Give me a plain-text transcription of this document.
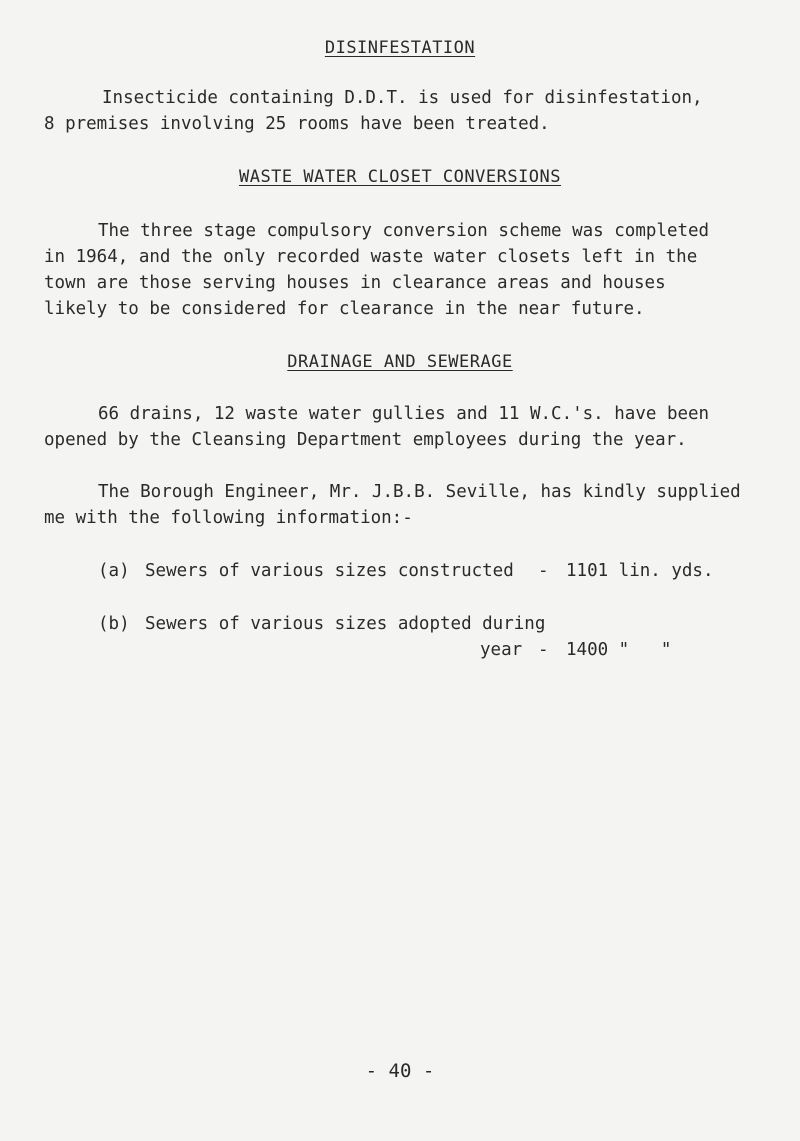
DISINFESTATION
Insecticide containing D.D.T. is used for disinfestation,
8 premises involving 25 rooms have been treated.
WASTE WATER CLOSET CONVERSIONS
The three stage compulsory conversion scheme was completed
in 1964, and the only recorded waste water closets left in the
town are those serving houses in clearance areas and houses
likely to be considered for clearance in the near future.
DRAINAGE AND SEWERAGE
66 drains, 12 waste water gullies and 11 W.C.'s. have been
opened by the Cleansing Department employees during the year.
The Borough Engineer, Mr. J.B.B. Seville, has kindly supplied
me with the following information:-
(a) Sewers of various sizes constructed - 1101 lin. yds.
(b) Sewers of various sizes adopted during
year - 1400 "   "
- 40 -
